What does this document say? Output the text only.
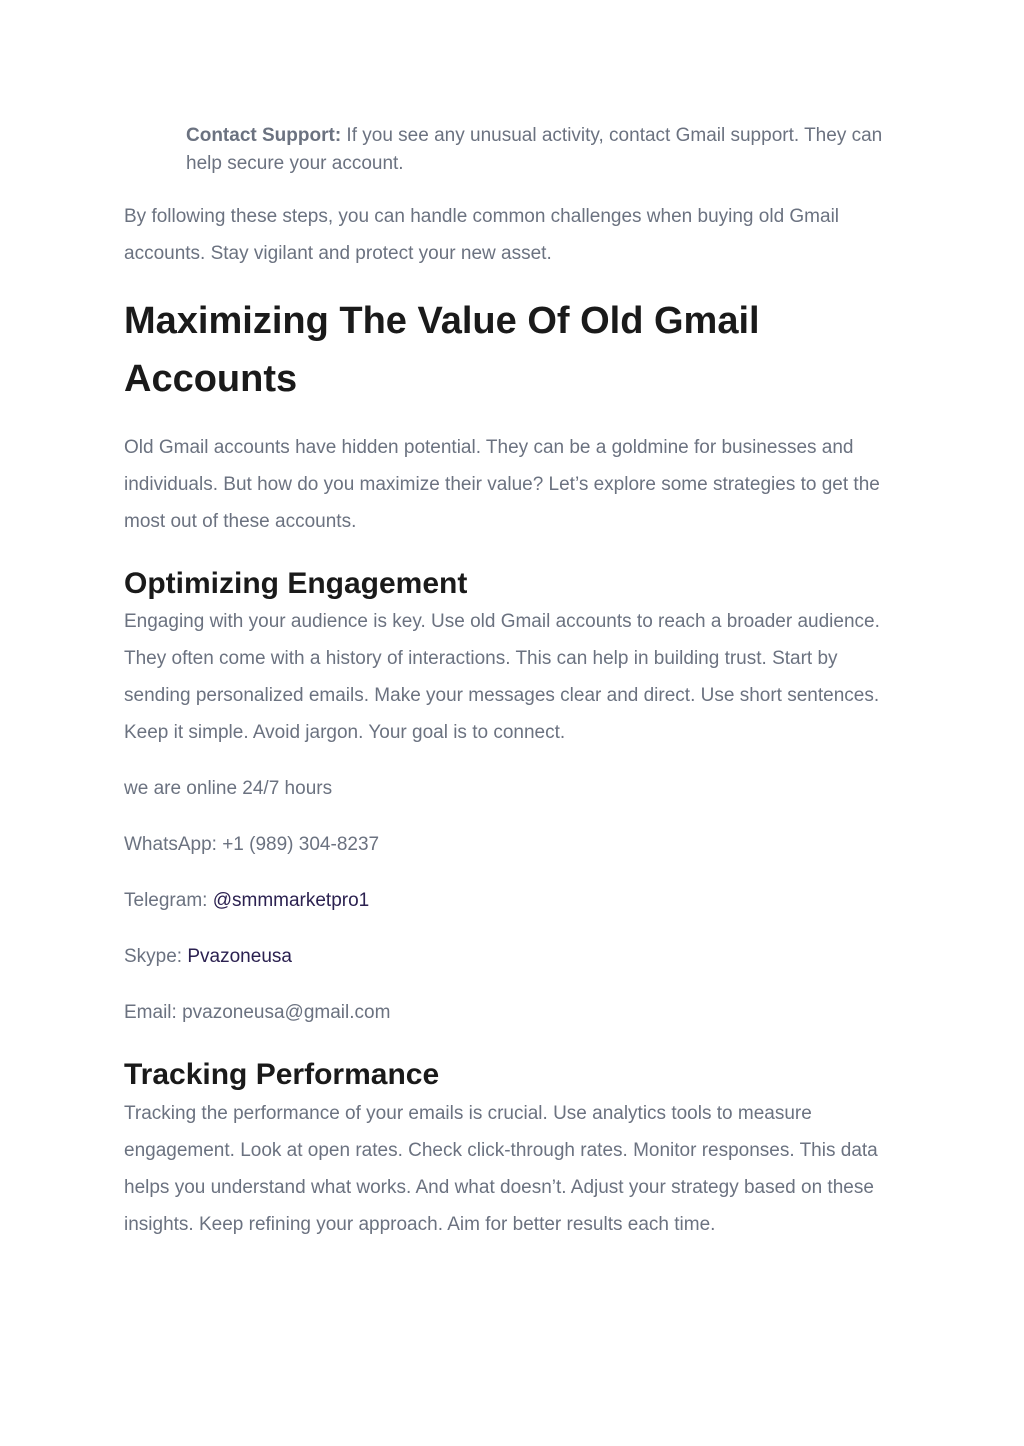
Contact Support: If you see any unusual activity, contact Gmail support. They can help secure your account.
By following these steps, you can handle common challenges when buying old Gmail accounts. Stay vigilant and protect your new asset.
Maximizing The Value Of Old Gmail Accounts
Old Gmail accounts have hidden potential. They can be a goldmine for businesses and individuals. But how do you maximize their value? Let’s explore some strategies to get the most out of these accounts.
Optimizing Engagement
Engaging with your audience is key. Use old Gmail accounts to reach a broader audience. They often come with a history of interactions. This can help in building trust. Start by sending personalized emails. Make your messages clear and direct. Use short sentences. Keep it simple. Avoid jargon. Your goal is to connect.
we are online 24/7 hours
WhatsApp: +1 (989) 304-8237
Telegram: @smmmarketpro1
Skype: Pvazoneusa
Email: pvazoneusa@gmail.com
Tracking Performance
Tracking the performance of your emails is crucial. Use analytics tools to measure engagement. Look at open rates. Check click-through rates. Monitor responses. This data helps you understand what works. And what doesn’t. Adjust your strategy based on these insights. Keep refining your approach. Aim for better results each time.
